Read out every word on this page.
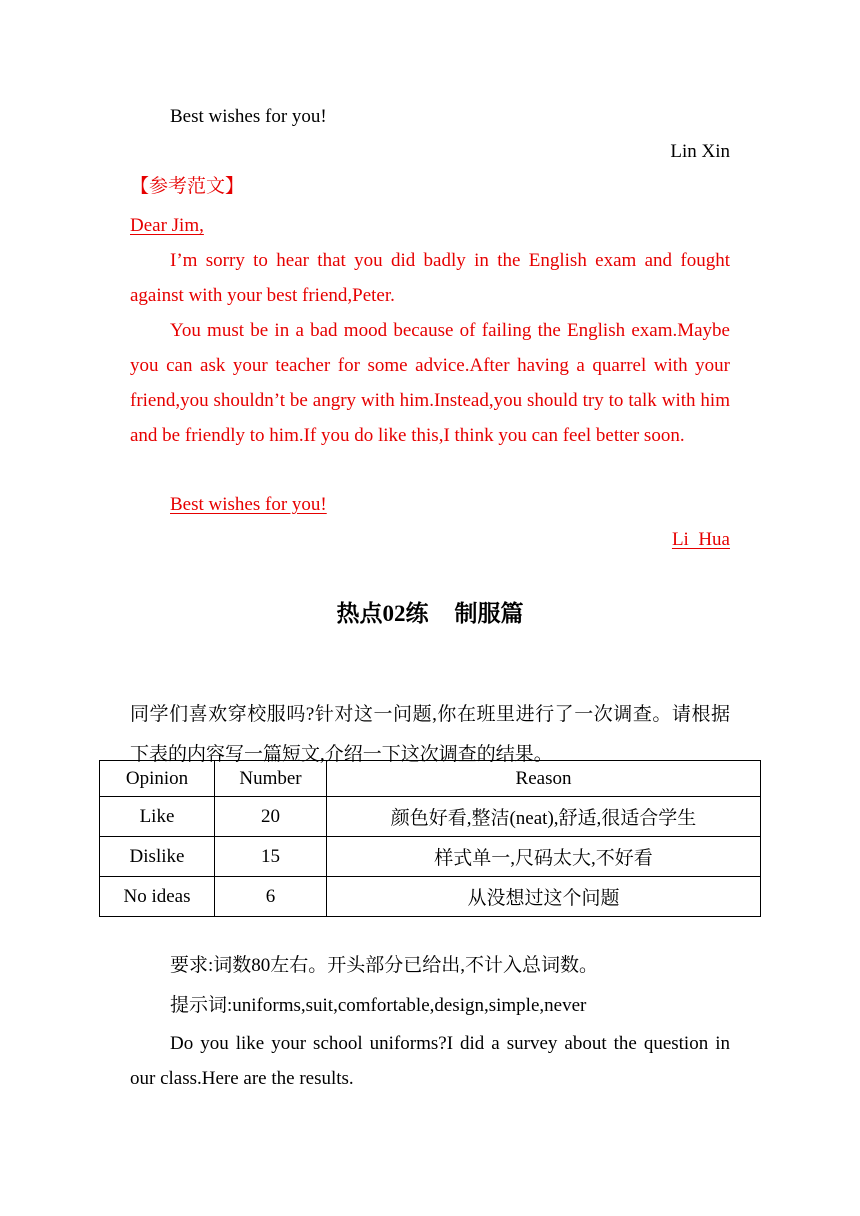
Best wishes for you!

Lin Xin

【参考范文】

Dear Jim,

I’m sorry to hear that you did badly in the English exam and fought against with your best friend,Peter.

You must be in a bad mood because of failing the English exam.Maybe you can ask your teacher for some advice.After having a quarrel with your friend,you shouldn’t be angry with him.Instead,you should try to talk with him and be friendly to him.If you do like this,I think you can feel better soon.

Best wishes for you!

Li  Hua

同学们喜欢穿校服吗?针对这一问题,你在班里进行了一次调查。请根据下表的内容写一篇短文,介绍一下这次调查的结果。

要求:词数80左右。开头部分已给出,不计入总词数。

提示词:uniforms,suit,comfortable,design,simple,never

Do you like your school uniforms?I did a survey about the question in our class.Here are the results.

热点02练 制服篇
Opinion	Number	Reason
Like	20	颜色好看,整洁(neat),舒适,很适合学生
Dislike	15	样式单一,尺码太大,不好看
No ideas	6	从没想过这个问题
